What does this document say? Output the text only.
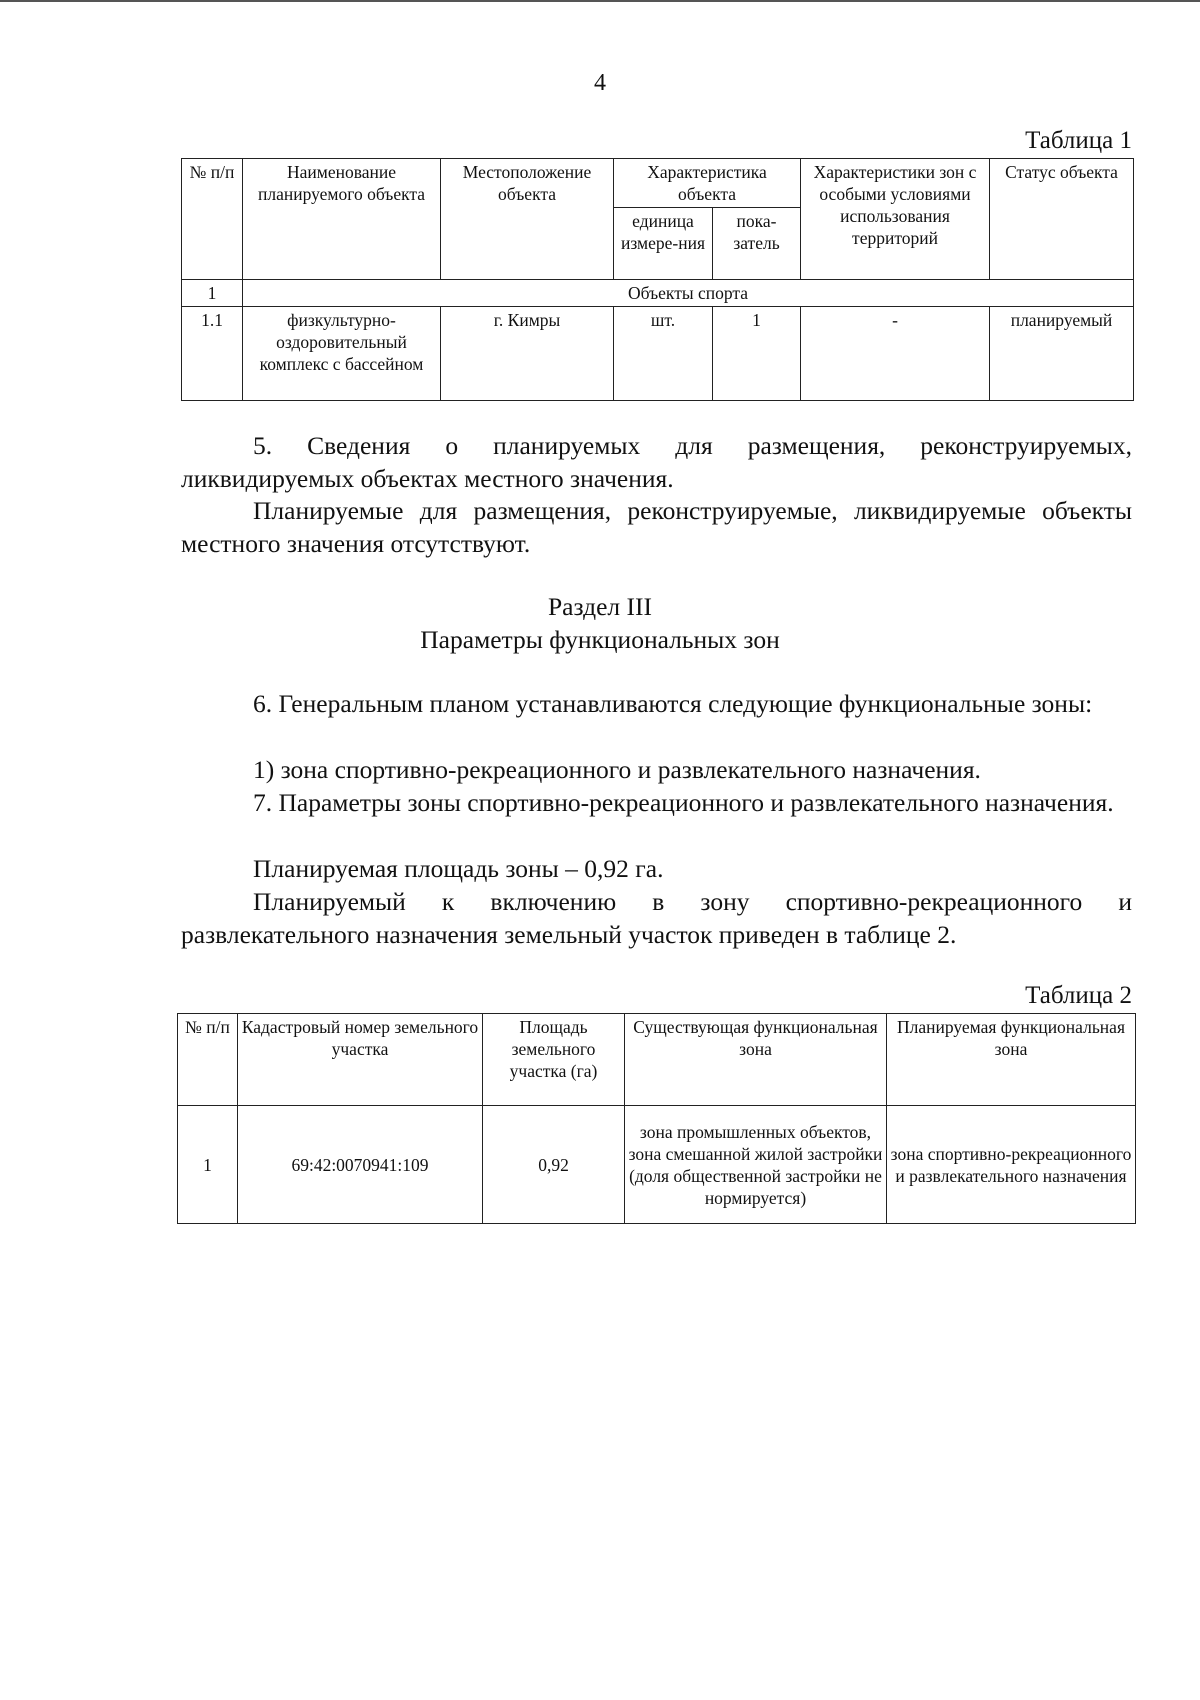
4
Таблица 1
№ п/п	Наименование планируемого объекта	Местоположение объекта	Характеристика объекта		Характеристики зон с особыми условиями использования территорий	Статус объекта
			единица измере-ния	пока-затель		
1	Объекты спорта					
1.1	физкультурно-оздоровительный комплекс с бассейном	г. Кимры	шт.	1	-	планируемый
5. Сведения о планируемых для размещения, реконструируемых, ликвидируемых объектах местного значения.
Планируемые для размещения, реконструируемые, ликвидируемые объекты местного значения отсутствуют.
Раздел III
Параметры функциональных зон
6. Генеральным планом устанавливаются следующие функциональные зоны:
1) зона спортивно-рекреационного и развлекательного назначения.
7. Параметры зоны спортивно-рекреационного и развлекательного назначения.
Планируемая площадь зоны – 0,92 га.
Планируемый к включению в зону спортивно-рекреационного и развлекательного назначения земельный участок приведен в таблице 2.
Таблица 2
№ п/п	Кадастровый номер земельного участка	Площадь земельного участка (га)	Существующая функциональная зона	Планируемая функциональная зона
1	69:42:0070941:109	0,92	зона промышленных объектов, зона смешанной жилой застройки (доля общественной застройки не нормируется)	зона спортивно-рекреационного и развлекательного назначения
